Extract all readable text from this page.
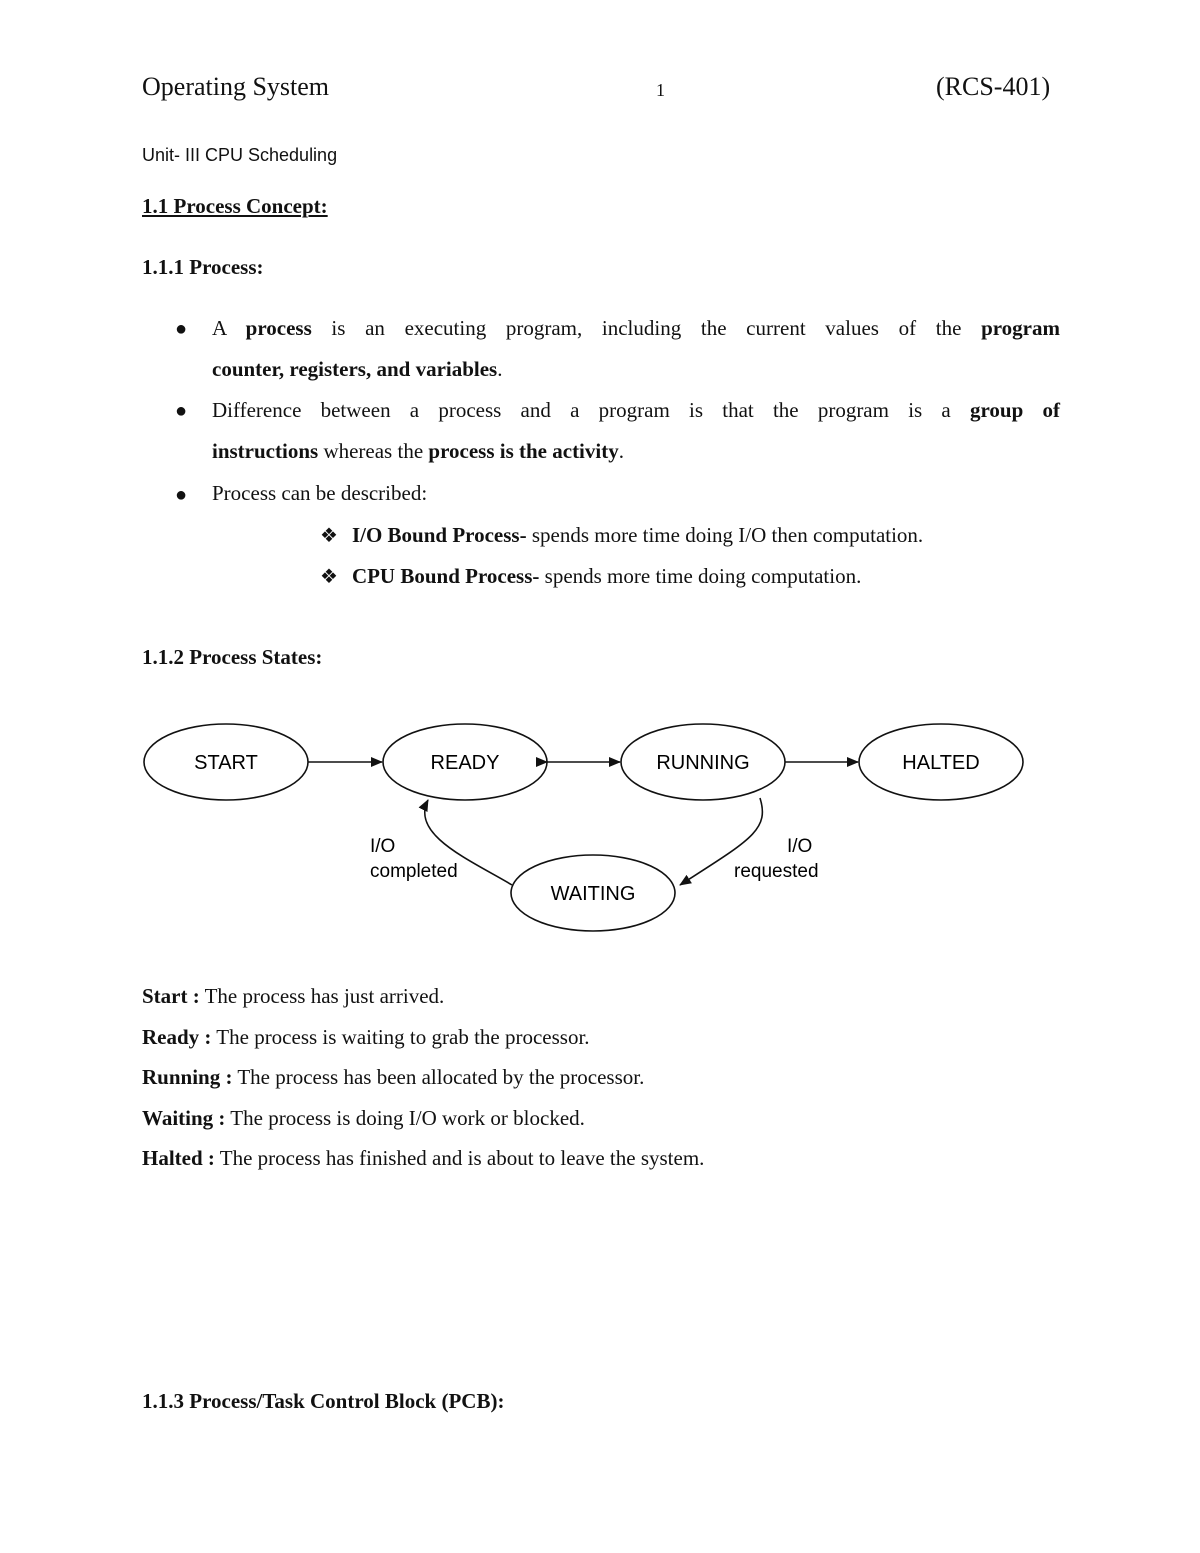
Operating System	1	(RCS-401)
Unit- III CPU Scheduling
1.1 Process Concept:
1.1.1 Process:
● A process is an executing program, including the current values of the program
counter, registers, and variables.
● Difference between a process and a program is that the program is a group of
instructions whereas the process is the activity.
● Process can be described:
❖ I/O Bound Process- spends more time doing I/O then computation.
❖ CPU Bound Process- spends more time doing computation.
1.1.2 Process States:
START	READY	RUNNING	HALTED
WAITING
I/O
completed
I/O
requested
Start : The process has just arrived.
Ready : The process is waiting to grab the processor.
Running : The process has been allocated by the processor.
Waiting : The process is doing I/O work or blocked.
Halted : The process has finished and is about to leave the system.
1.1.3 Process/Task Control Block (PCB):
